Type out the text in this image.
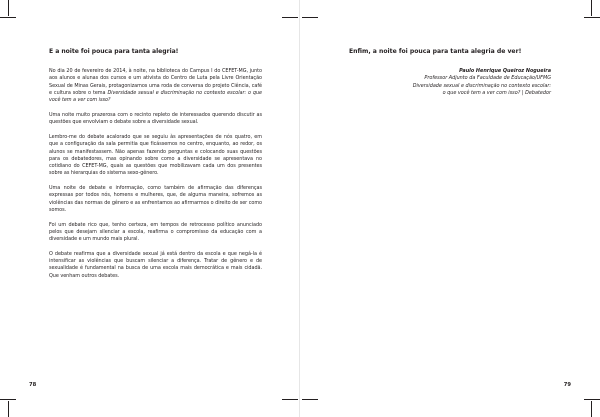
E a noite foi pouca para tanta alegria!

No dia 20 de fevereiro de 2014, à noite, na biblioteca do Campus I do CEFET-MG, junto aos alunos e alunas dos cursos e um ativista do Centro de Luta pela Livre Orientação Sexual de Minas Gerais, protagonizamos uma roda de conversa do projeto Ciência, café e cultura sobre o tema Diversidade sexual e discriminação no contexto escolar: o que você tem a ver com isso?

Uma noite muito prazerosa com o recinto repleto de interessados querendo discutir as questões que envolviam o debate sobre a diversidade sexual.

Lembro-me do debate acalorado que se seguiu às apresentações de nós quatro, em que a configuração da sala permitia que ficássemos no centro, enquanto, ao redor, os alunos se manifestassem. Não apenas fazendo perguntas e colocando suas questões para os debatedores, mas opinando sobre como a diversidade se apresentava no cotidiano do CEFET-MG, quais as questões que mobilizavam cada um dos presentes sobre as hierarquias do sistema sexo-gênero.

Uma noite de debate e informação, como também de afirmação das diferenças expressas por todos nós, homens e mulheres, que, de alguma maneira, sofremos as violências das normas de gênero e as enfrentamos ao afirmarmos o direito de ser como somos.

Foi um debate rico que, tenho certeza, em tempos de retrocesso político anunciado pelos que desejam silenciar a escola, reafirma o compromisso da educação com a diversidade e um mundo mais plural.

O debate reafirma que a diversidade sexual já está dentro da escola e que negá-la é intensificar as violências que buscam silenciar a diferença. Tratar de gênero e de sexualidade é fundamental na busca de uma escola mais democrática e mais cidadã. Que venham outros debates.

78
Enfim, a noite foi pouca para tanta alegria de ver!
Paulo Henrique Queiroz Nogueira
Professor Adjunto da Faculdade de Educação/UFMG
Diversidade sexual e discriminação no contexto escolar:
o que você tem a ver com isso? | Debatedor
79
